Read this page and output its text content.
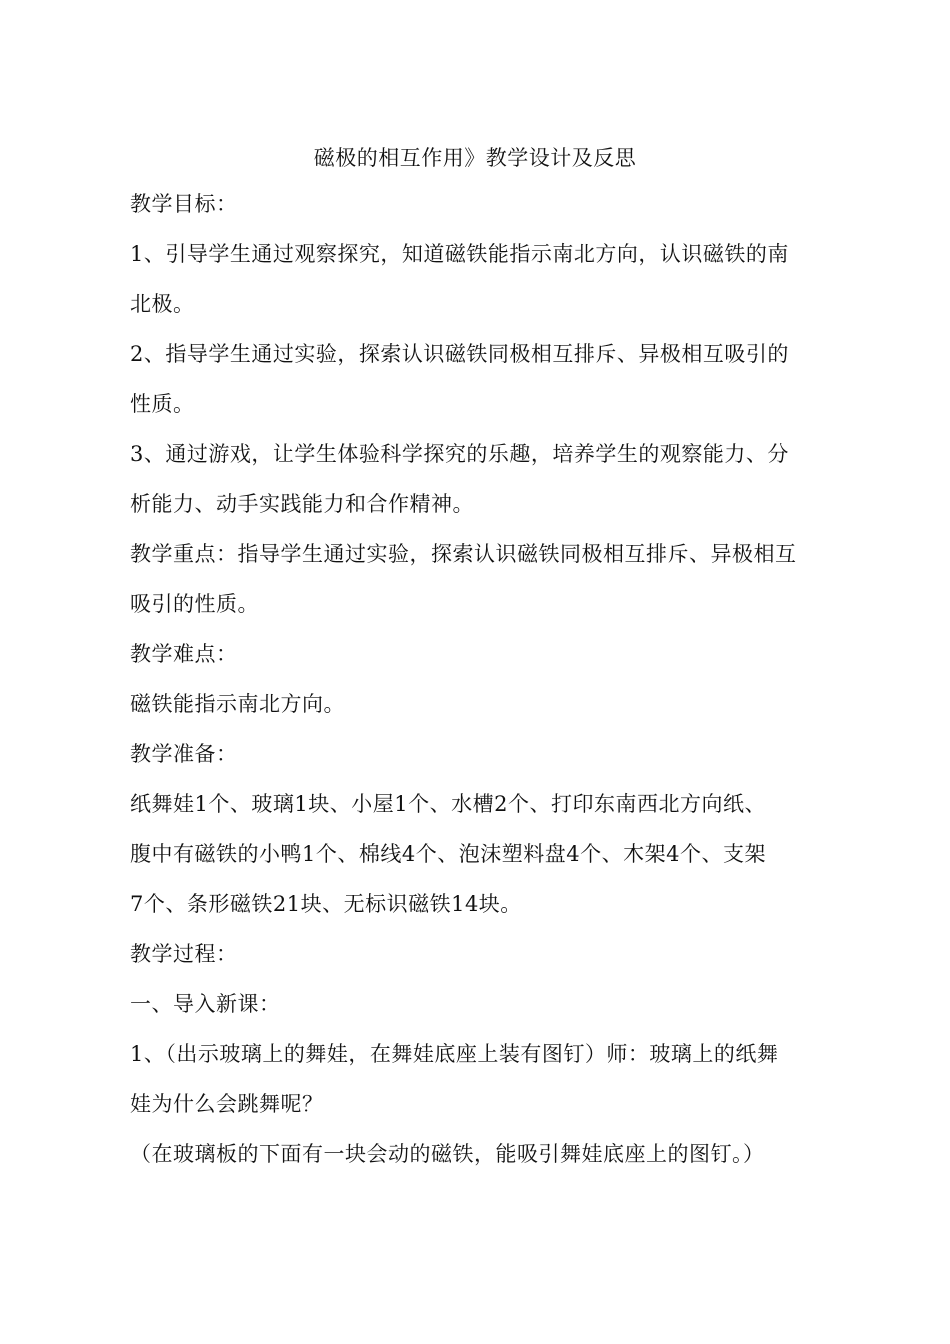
磁极的相互作用》教学设计及反思
教学目标：
1、引导学生通过观察探究，知道磁铁能指示南北方向，认识磁铁的南
北极。
2、指导学生通过实验，探索认识磁铁同极相互排斥、异极相互吸引的
性质。
3、通过游戏，让学生体验科学探究的乐趣，培养学生的观察能力、分
析能力、动手实践能力和合作精神。
教学重点：指导学生通过实验，探索认识磁铁同极相互排斥、异极相互
吸引的性质。
教学难点：
磁铁能指示南北方向。
教学准备：
纸舞娃1个、玻璃1块、小屋1个、水槽2个、打印东南西北方向纸、
腹中有磁铁的小鸭1个、棉线4个、泡沫塑料盘4个、木架4个、支架
7个、条形磁铁21块、无标识磁铁14块。
教学过程：
一、导入新课：
1、（出示玻璃上的舞娃，在舞娃底座上装有图钉）师：玻璃上的纸舞
娃为什么会跳舞呢？
（在玻璃板的下面有一块会动的磁铁，能吸引舞娃底座上的图钉。）
